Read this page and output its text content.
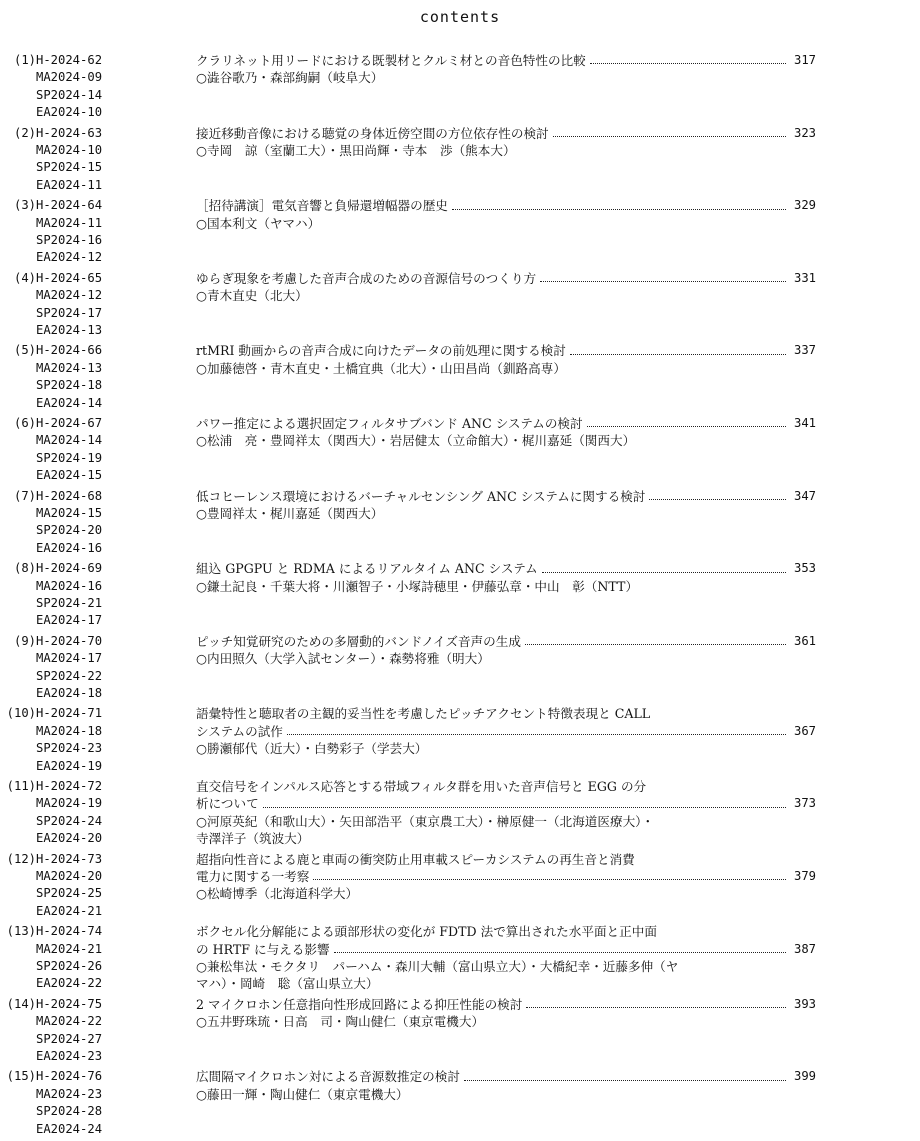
contents
(1)H-2024-62
MA2024-09
SP2024-14
EA2024-10
クラリネット用リードにおける既製材とクルミ材との音色特性の比較	317
○澁谷歌乃・森部絢嗣（岐阜大）
(2)H-2024-63
MA2024-10
SP2024-15
EA2024-11
接近移動音像における聴覚の身体近傍空間の方位依存性の検討	323
○寺岡　諒（室蘭工大）・黒田尚輝・寺本　渉（熊本大）
(3)H-2024-64
MA2024-11
SP2024-16
EA2024-12
［招待講演］電気音響と負帰還増幅器の歴史	329
○国本利文（ヤマハ）
(4)H-2024-65
MA2024-12
SP2024-17
EA2024-13
ゆらぎ現象を考慮した音声合成のための音源信号のつくり方	331
○青木直史（北大）
(5)H-2024-66
MA2024-13
SP2024-18
EA2024-14
rtMRI 動画からの音声合成に向けたデータの前処理に関する検討	337
○加藤徳啓・青木直史・土橋宜典（北大）・山田昌尚（釧路高専）
(6)H-2024-67
MA2024-14
SP2024-19
EA2024-15
パワー推定による選択固定フィルタサブバンド ANC システムの検討	341
○松浦　亮・豊岡祥太（関西大）・岩居健太（立命館大）・梶川嘉延（関西大）
(7)H-2024-68
MA2024-15
SP2024-20
EA2024-16
低コヒーレンス環境におけるバーチャルセンシング ANC システムに関する検討	347
○豊岡祥太・梶川嘉延（関西大）
(8)H-2024-69
MA2024-16
SP2024-21
EA2024-17
組込 GPGPU と RDMA によるリアルタイム ANC システム	353
○鎌土記良・千葉大将・川瀬智子・小塚詩穂里・伊藤弘章・中山　彰（NTT）
(9)H-2024-70
MA2024-17
SP2024-22
EA2024-18
ピッチ知覚研究のための多層動的バンドノイズ音声の生成	361
○内田照久（大学入試センター）・森勢将雅（明大）
(10)H-2024-71
MA2024-18
SP2024-23
EA2024-19
語彙特性と聴取者の主観的妥当性を考慮したピッチアクセント特徴表現と CALL
システムの試作	367
○勝瀬郁代（近大）・白勢彩子（学芸大）
(11)H-2024-72
MA2024-19
SP2024-24
EA2024-20
直交信号をインパルス応答とする帯域フィルタ群を用いた音声信号と EGG の分
析について	373
○河原英紀（和歌山大）・矢田部浩平（東京農工大）・榊原健一（北海道医療大）・
寺澤洋子（筑波大）
(12)H-2024-73
MA2024-20
SP2024-25
EA2024-21
超指向性音による鹿と車両の衝突防止用車載スピーカシステムの再生音と消費
電力に関する一考察	379
○松崎博季（北海道科学大）
(13)H-2024-74
MA2024-21
SP2024-26
EA2024-22
ボクセル化分解能による頭部形状の変化が FDTD 法で算出された水平面と正中面
の HRTF に与える影響	387
○兼松隼汰・モクタリ　パーハム・森川大輔（富山県立大）・大橋紀幸・近藤多伸（ヤ
マハ）・岡崎　聡（富山県立大）
(14)H-2024-75
MA2024-22
SP2024-27
EA2024-23
2 マイクロホン任意指向性形成回路による抑圧性能の検討	393
○五井野珠琉・日高　司・陶山健仁（東京電機大）
(15)H-2024-76
MA2024-23
SP2024-28
EA2024-24
広間隔マイクロホン対による音源数推定の検討	399
○藤田一輝・陶山健仁（東京電機大）
